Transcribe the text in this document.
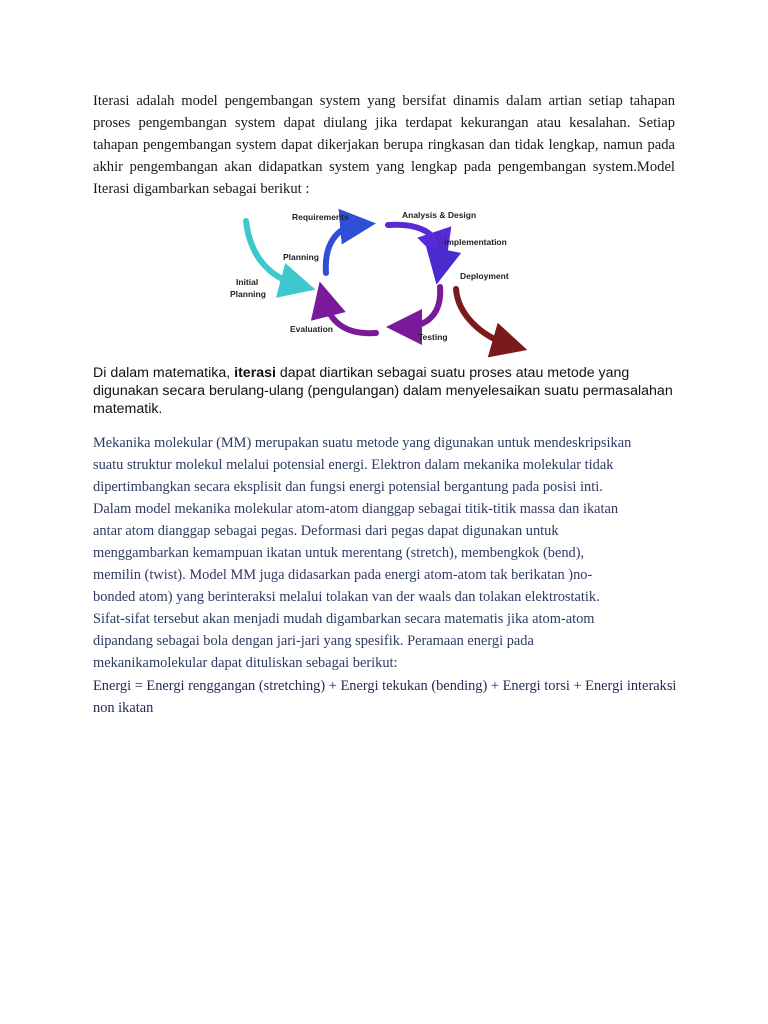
Iterasi adalah model pengembangan system yang bersifat dinamis dalam artian setiap tahapan proses pengembangan system dapat diulang jika terdapat kekurangan atau kesalahan. Setiap tahapan pengembangan system dapat dikerjakan berupa ringkasan dan tidak lengkap, namun pada akhir pengembangan akan didapatkan system yang lengkap pada pengembangan system.Model Iterasi digambarkan sebagai berikut :

Requirements	Analysis & Design
Implementation
Deployment
Testing
Evaluation
Planning
Initial
Planning

Di dalam matematika, iterasi dapat diartikan sebagai suatu proses atau metode yang digunakan secara berulang-ulang (pengulangan) dalam menyelesaikan suatu permasalahan matematik.

Mekanika molekular (MM) merupakan suatu metode yang digunakan untuk mendeskripsikan
suatu struktur molekul melalui potensial energi. Elektron dalam mekanika molekular tidak
dipertimbangkan secara eksplisit dan fungsi energi potensial bergantung pada posisi inti.
Dalam model mekanika molekular atom-atom dianggap sebagai titik-titik massa dan ikatan
antar atom dianggap sebagai pegas. Deformasi dari pegas dapat digunakan untuk
menggambarkan kemampuan ikatan untuk merentang (stretch), membengkok (bend),
memilin (twist). Model MM juga didasarkan pada energi atom-atom tak berikatan )no-
bonded atom) yang berinteraksi melalui tolakan van der waals dan tolakan elektrostatik.
Sifat-sifat tersebut akan menjadi mudah digambarkan secara matematis jika atom-atom
dipandang sebagai bola dengan jari-jari yang spesifik. Peramaan energi pada
mekanikamolekular dapat dituliskan sebagai berikut:

Energi = Energi renggangan (stretching) + Energi tekukan (bending) + Energi torsi + Energi interaksi non ikatan
